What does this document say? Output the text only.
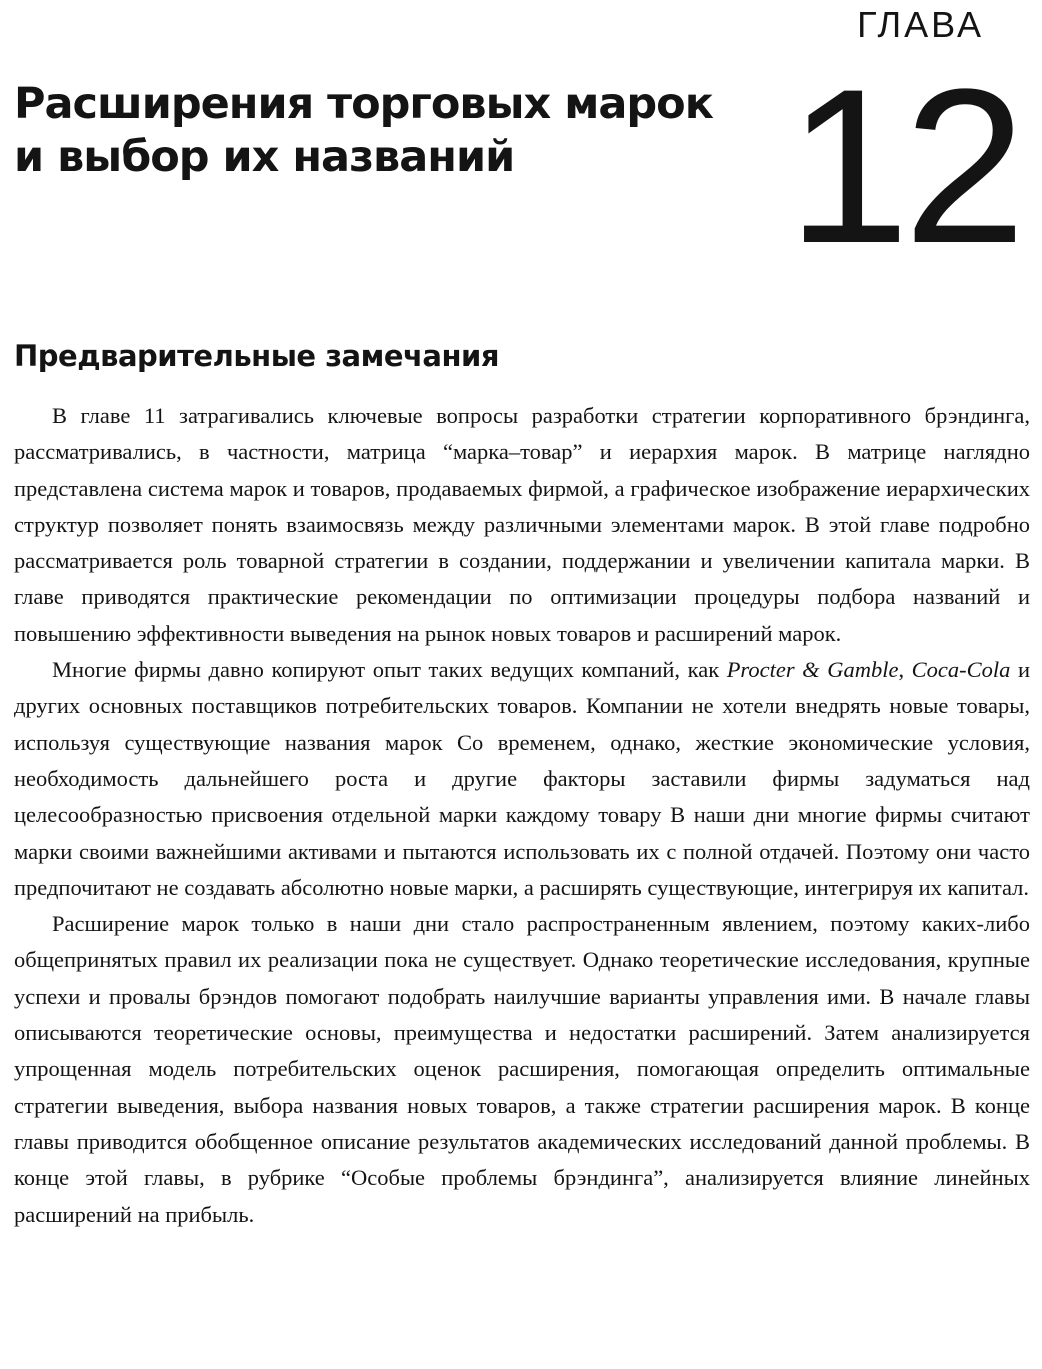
ГЛАВА
12
Расширения торговых марок
и выбор их названий
Предварительные замечания

В главе 11 затрагивались ключевые вопросы разработки стратегии корпоративного брэндинга, рассматривались, в частности, матрица “марка–товар” и иерархия марок. В матрице наглядно представлена система марок и товаров, продаваемых фирмой, а графическое изображение иерархических структур позволяет понять взаимосвязь между различными элементами марок. В этой главе подробно рассматривается роль товарной стратегии в создании, поддержании и увеличении капитала марки. В главе приводятся практические рекомендации по оптимизации процедуры подбора названий и повышению эффективности выведения на рынок новых товаров и расширений марок.

Многие фирмы давно копируют опыт таких ведущих компаний, как Procter & Gamble, Coca-Cola и других основных поставщиков потребительских товаров. Компании не хотели внедрять новые товары, используя существующие названия марок Со временем, однако, жесткие экономические условия, необходимость дальнейшего роста и другие факторы заставили фирмы задуматься над целесообразностью присвоения отдельной марки каждому товару В наши дни многие фирмы считают марки своими важнейшими активами и пытаются использовать их с полной отдачей. Поэтому они часто предпочитают не создавать абсолютно новые марки, а расширять существующие, интегрируя их капитал.

Расширение марок только в наши дни стало распространенным явлением, поэтому каких-либо общепринятых правил их реализации пока не существует. Однако теоретические исследования, крупные успехи и провалы брэндов помогают подобрать наилучшие варианты управления ими. В начале главы описываются теоретические основы, преимущества и недостатки расширений. Затем анализируется упрощенная модель потребительских оценок расширения, помогающая определить оптимальные стратегии выведения, выбора названия новых товаров, а также стратегии расширения марок. В конце главы приводится обобщенное описание результатов академических исследований данной проблемы. В конце этой главы, в рубрике “Особые проблемы брэндинга”, анализируется влияние линейных расширений на прибыль.
